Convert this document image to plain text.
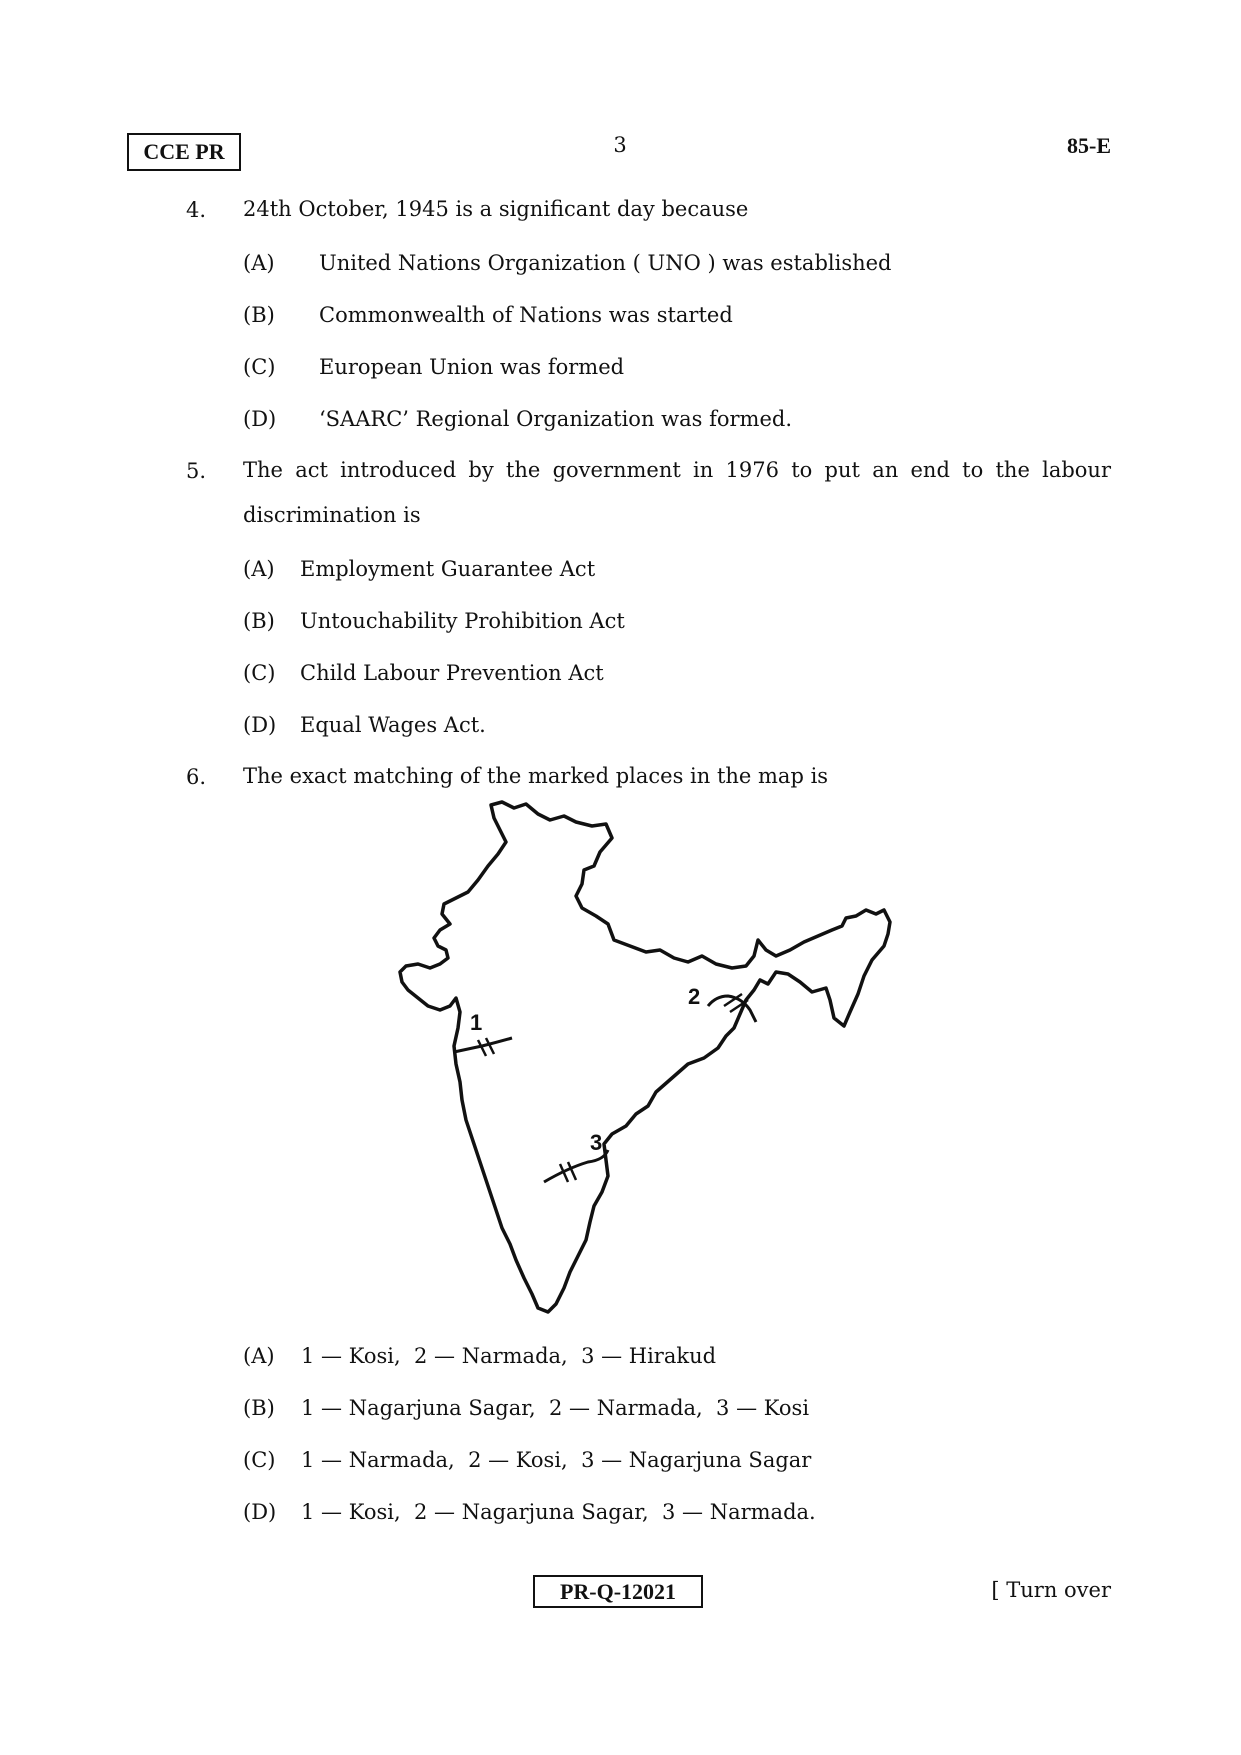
CCE PR	3	85-E
4. 24th October, 1945 is a significant day because
(A) United Nations Organization ( UNO ) was established
(B) Commonwealth of Nations was started
(C) European Union was formed
(D) ‘SAARC’ Regional Organization was formed.
5. The act introduced by the government in 1976 to put an end to the labour
discrimination is
(A) Employment Guarantee Act
(B) Untouchability Prohibition Act
(C) Child Labour Prevention Act
(D) Equal Wages Act.
6. The exact matching of the marked places in the map is
1
2
3
(A) 1 — Kosi,  2 — Narmada,  3 — Hirakud
(B) 1 — Nagarjuna Sagar,  2 — Narmada,  3 — Kosi
(C) 1 — Narmada,  2 — Kosi,  3 — Nagarjuna Sagar
(D) 1 — Kosi,  2 — Nagarjuna Sagar,  3 — Narmada.
PR-Q-12021	[ Turn over
